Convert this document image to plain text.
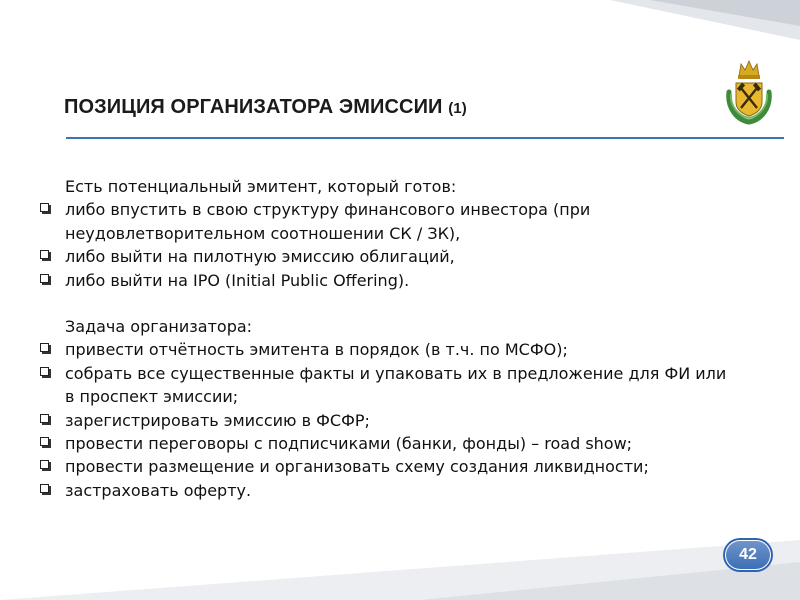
ПОЗИЦИЯ ОРГАНИЗАТОРА ЭМИССИИ (1)
Есть потенциальный эмитент, который готов:
либо впустить в свою структуру финансового инвестора (при неудовлетворительном соотношении СК / ЗК),
либо выйти на пилотную эмиссию облигаций,
либо выйти на IPO (Initial Public Offering).
Задача организатора:
привести отчётность эмитента в порядок (в т.ч. по МСФО);
собрать все существенные факты и упаковать их в предложение для ФИ или в проспект эмиссии;
зарегистрировать эмиссию в ФСФР;
провести переговоры с подписчиками (банки, фонды) – road show;
провести размещение и организовать схему создания ликвидности;
застраховать оферту.
42
